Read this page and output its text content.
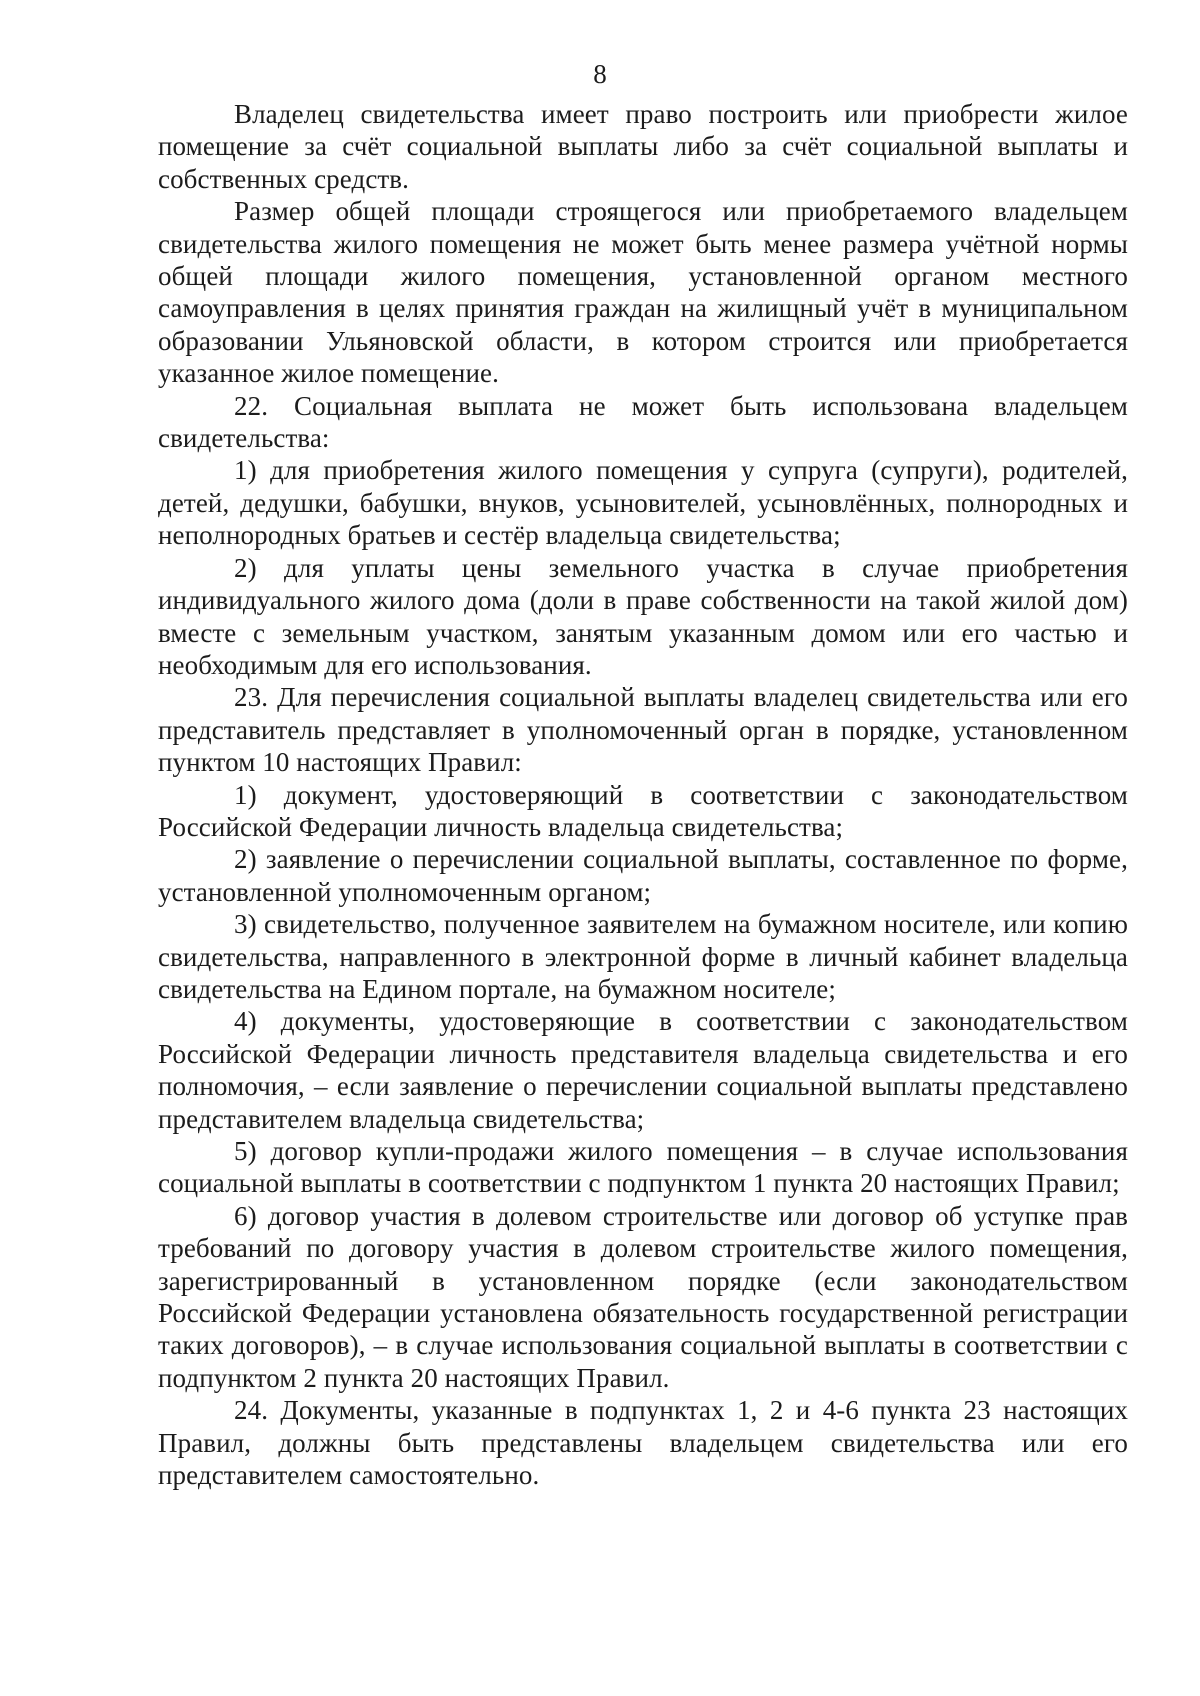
8

Владелец свидетельства имеет право построить или приобрести жилое помещение за счёт социальной выплаты либо за счёт социальной выплаты и собственных средств.

Размер общей площади строящегося или приобретаемого владельцем свидетельства жилого помещения не может быть менее размера учётной нормы общей площади жилого помещения, установленной органом местного самоуправления в целях принятия граждан на жилищный учёт в муниципальном образовании Ульяновской области, в котором строится или приобретается указанное жилое помещение.

22. Социальная выплата не может быть использована владельцем свидетельства:

1) для приобретения жилого помещения у супруга (супруги), родителей, детей, дедушки, бабушки, внуков, усыновителей, усыновлённых, полнородных и неполнородных братьев и сестёр владельца свидетельства;

2) для уплаты цены земельного участка в случае приобретения индивидуального жилого дома (доли в праве собственности на такой жилой дом) вместе с земельным участком, занятым указанным домом или его частью и необходимым для его использования.

23. Для перечисления социальной выплаты владелец свидетельства или его представитель представляет в уполномоченный орган в порядке, установленном пунктом 10 настоящих Правил:

1) документ, удостоверяющий в соответствии с законодательством Российской Федерации личность владельца свидетельства;

2) заявление о перечислении социальной выплаты, составленное по форме, установленной уполномоченным органом;

3) свидетельство, полученное заявителем на бумажном носителе, или копию свидетельства, направленного в электронной форме в личный кабинет владельца свидетельства на Едином портале, на бумажном носителе;

4) документы, удостоверяющие в соответствии с законодательством Российской Федерации личность представителя владельца свидетельства и его полномочия, – если заявление о перечислении социальной выплаты представлено представителем владельца свидетельства;

5) договор купли-продажи жилого помещения – в случае использования социальной выплаты в соответствии с подпунктом 1 пункта 20 настоящих Правил;

6) договор участия в долевом строительстве или договор об уступке прав требований по договору участия в долевом строительстве жилого помещения, зарегистрированный в установленном порядке (если законодательством Российской Федерации установлена обязательность государственной регистрации таких договоров), – в случае использования социальной выплаты в соответствии с подпунктом 2 пункта 20 настоящих Правил.

24. Документы, указанные в подпунктах 1, 2 и 4-6 пункта 23 настоящих Правил, должны быть представлены владельцем свидетельства или его представителем самостоятельно.
